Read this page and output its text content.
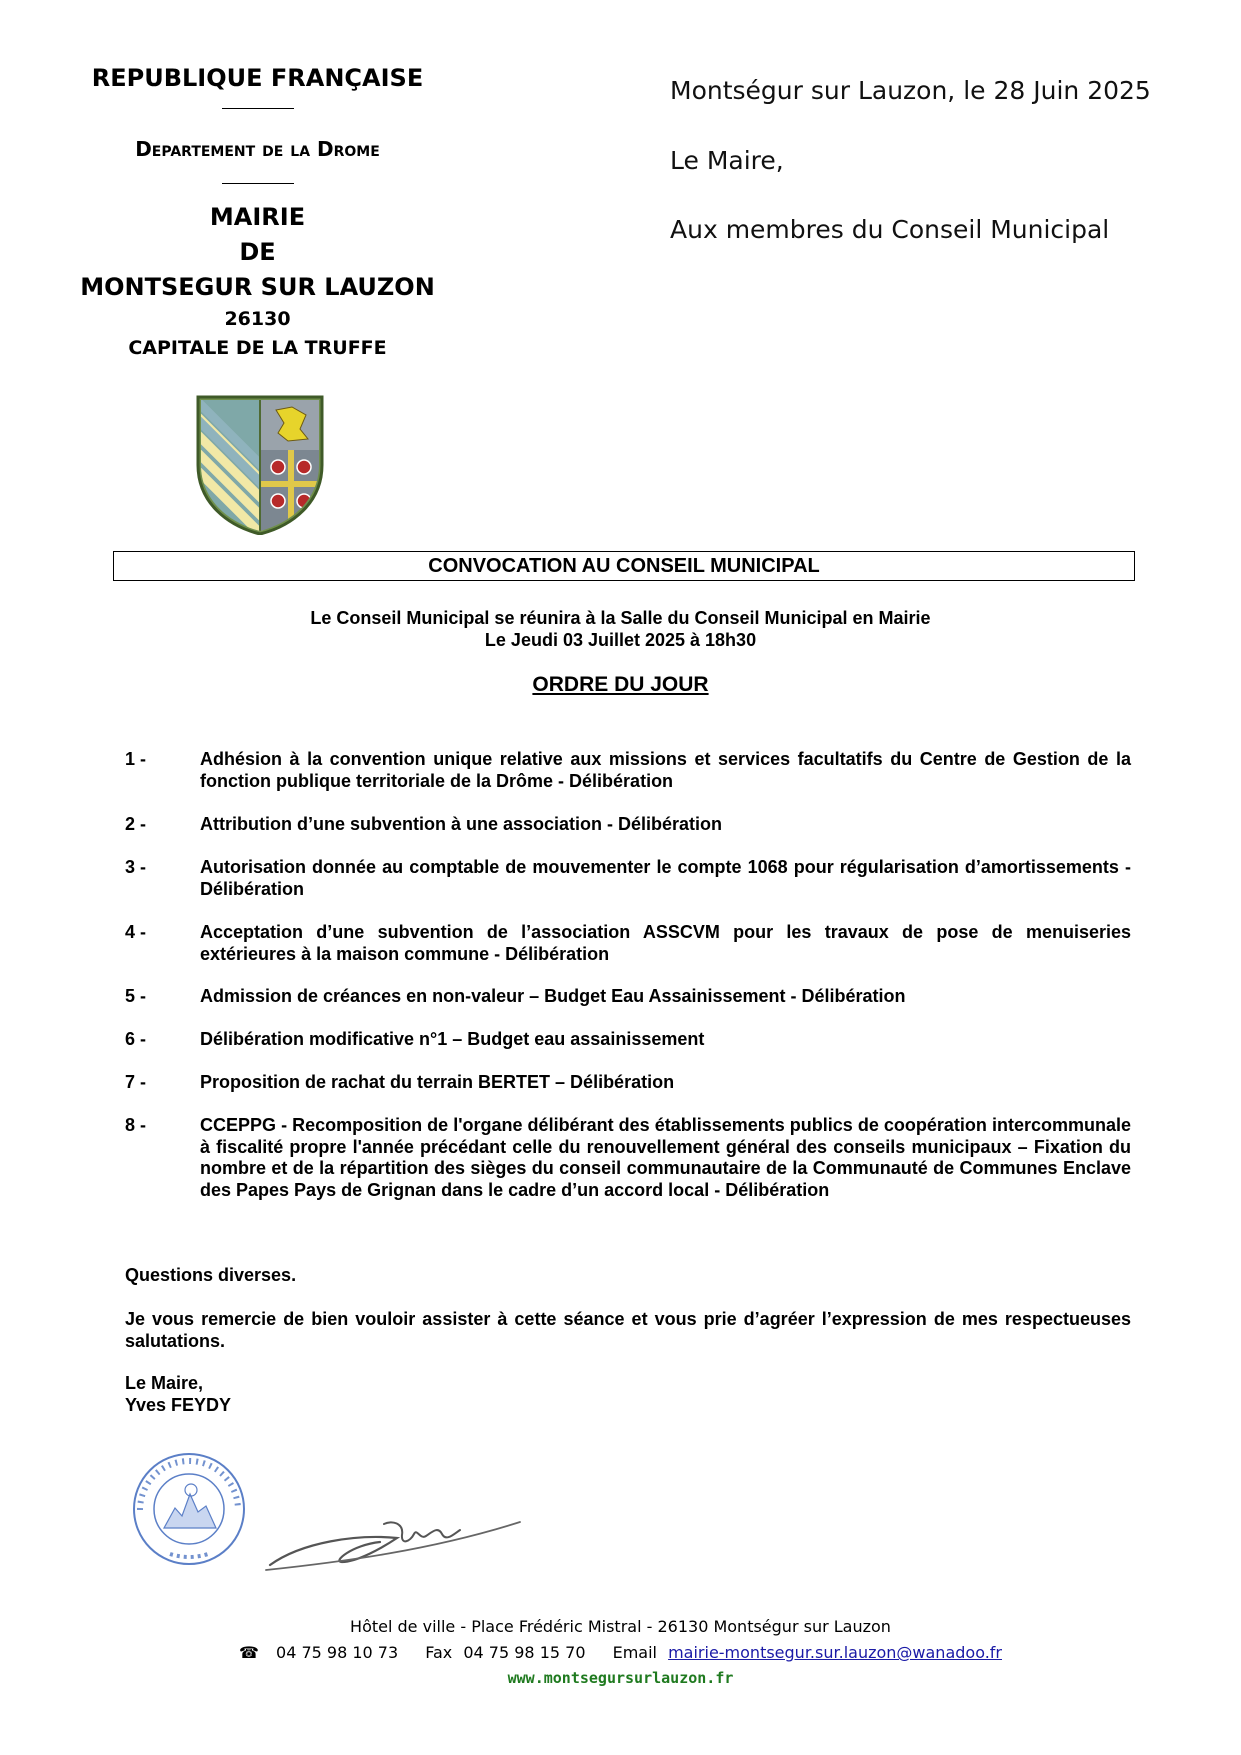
REPUBLIQUE FRANÇAISE
Departement de la Drome
MAIRIE
DE
MONTSEGUR SUR LAUZON
26130
CAPITALE DE LA TRUFFE
Montségur sur Lauzon, le 28 Juin 2025
Le Maire,
Aux membres du Conseil Municipal
CONVOCATION AU CONSEIL MUNICIPAL
Le Conseil Municipal se réunira à la Salle du Conseil Municipal en Mairie
Le Jeudi 03 Juillet 2025 à 18h30
ORDRE DU JOUR
1 -	Adhésion à la convention unique relative aux missions et services facultatifs du Centre de Gestion de la fonction publique territoriale de la Drôme - Délibération
2 -	Attribution d’une subvention à une association - Délibération
3 -	Autorisation donnée au comptable de mouvementer le compte 1068 pour régularisation d’amortissements - Délibération
4 -	Acceptation d’une subvention de l’association ASSCVM pour les travaux de pose de menuiseries extérieures à la maison commune - Délibération
5 -	Admission de créances en non-valeur – Budget Eau Assainissement - Délibération
6 -	Délibération modificative n°1 – Budget eau assainissement
7 -	Proposition de rachat du terrain BERTET – Délibération
8 -	CCEPPG - Recomposition de l'organe délibérant des établissements publics de coopération intercommunale à fiscalité propre l'année précédant celle du renouvellement général des conseils municipaux – Fixation du nombre et de la répartition des sièges du conseil communautaire de la Communauté de Communes Enclave des Papes Pays de Grignan dans le cadre d’un accord local - Délibération
Questions diverses.
Je vous remercie de bien vouloir assister à cette séance et vous prie d’agréer l’expression de mes respectueuses salutations.
Le Maire,
Yves FEYDY
Hôtel de ville - Place Frédéric Mistral - 26130 Montségur sur Lauzon
☎ 04 75 98 10 73 Fax 04 75 98 15 70 Email mairie-montsegur.sur.lauzon@wanadoo.fr
www.montsegursurlauzon.fr
